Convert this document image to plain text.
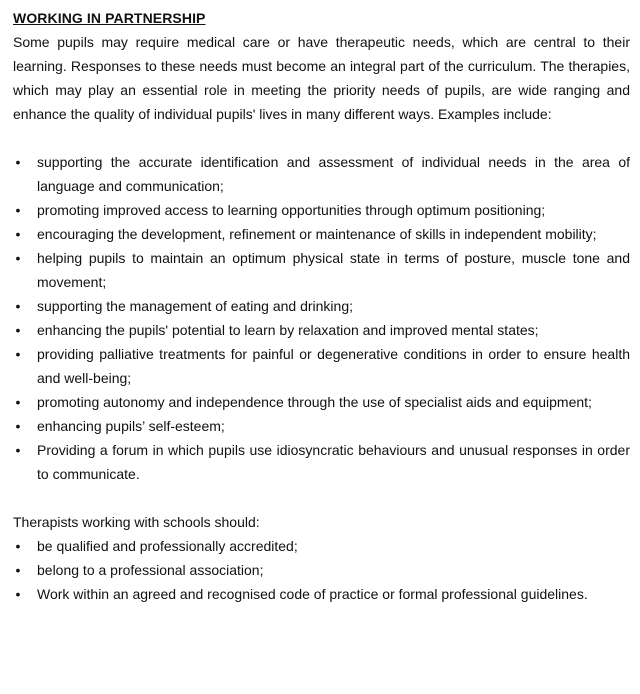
WORKING IN PARTNERSHIP

Some pupils may require medical care or have therapeutic needs, which are central to their learning. Responses to these needs must become an integral part of the curriculum. The therapies, which may play an essential role in meeting the priority needs of pupils, are wide ranging and enhance the quality of individual pupils' lives in many different ways. Examples include:

• supporting the accurate identification and assessment of individual needs in the area of language and communication;
• promoting improved access to learning opportunities through optimum positioning;
• encouraging the development, refinement or maintenance of skills in independent mobility;
• helping pupils to maintain an optimum physical state in terms of posture, muscle tone and movement;
• supporting the management of eating and drinking;
• enhancing the pupils' potential to learn by relaxation and improved mental states;
• providing palliative treatments for painful or degenerative conditions in order to ensure health and well-being;
• promoting autonomy and independence through the use of specialist aids and equipment;
• enhancing pupils’ self-esteem;
• Providing a forum in which pupils use idiosyncratic behaviours and unusual responses in order to communicate.

Therapists working with schools should:

• be qualified and professionally accredited;
• belong to a professional association;
• Work within an agreed and recognised code of practice or formal professional guidelines.
